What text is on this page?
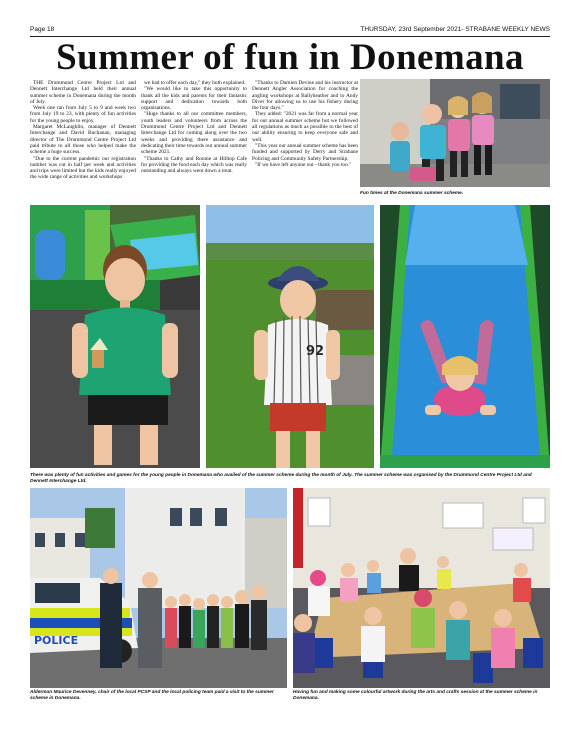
Page 18	THURSDAY, 23rd September 2021- STRABANE WEEKLY NEWS
Summer of fun in Donemana

THE Drummond Centre Project Ltd and Dennett Interchange Ltd held their annual summer scheme in Donemana during the month of July.

Week one ran from July 5 to 9 and week two from July 19 to 23, with plenty of fun activities for the young people to enjoy.

Margaret McLaughlin, manager of Dennett Interchange and David Buchanan, managing director of The Drummond Centre Project Ltd paid tribute to all those who helped make the scheme a huge success.

"Due to the current pandemic our registration number was cut in half per week and activities and trips were limited but the kids really enjoyed the wide range of activities and workshops

we had to offer each day," they both explained.

"We would like to take this opportunity to thank all the kids and parents for their fantastic support and dedication towards both organisations.

"Huge thanks to all our committee members, youth leaders and volunteers from across the Drummond Centre Project Ltd and Dennett Interchange Ltd for coming along over the two weeks and providing there assistance and dedicating their time towards our annual summer scheme 2021.

"Thanks to Cathy and Ronnie at Hilltop Cafe for providing the food each day which was really outstanding and always went down a treat.

"Thanks to Damien Devine and his instructor at Dennett Angler Association for coaching the angling workshops at Ballyheather and to Andy Diver for allowing us to use his fishery during the four days."

They added: "2021 was far from a normal year for our annual summer scheme but we followed all regulations as much as possible to the best of our ability ensuring to keep everyone safe and well.

"This year our annual summer scheme has been funded and supported by Derry and Strabane Policing and Community Safety Partnership.

"If we have left anyone out - thank you too."

Fun times at the Donemana summer scheme.
92
There was plenty of fun activities and games for the young people in Donemana who availed of the summer scheme during the month of July. The summer scheme was organised by the Drummond Centre Project Ltd and Dennett Interchange Ltd.
POLICE
Alderman Maurice Devenney, chair of the local PCSP and the local policing team paid a visit to the summer scheme in Donemana.
Having fun and making some colourful artwork during the arts and crafts session at the summer scheme in Donemana.
